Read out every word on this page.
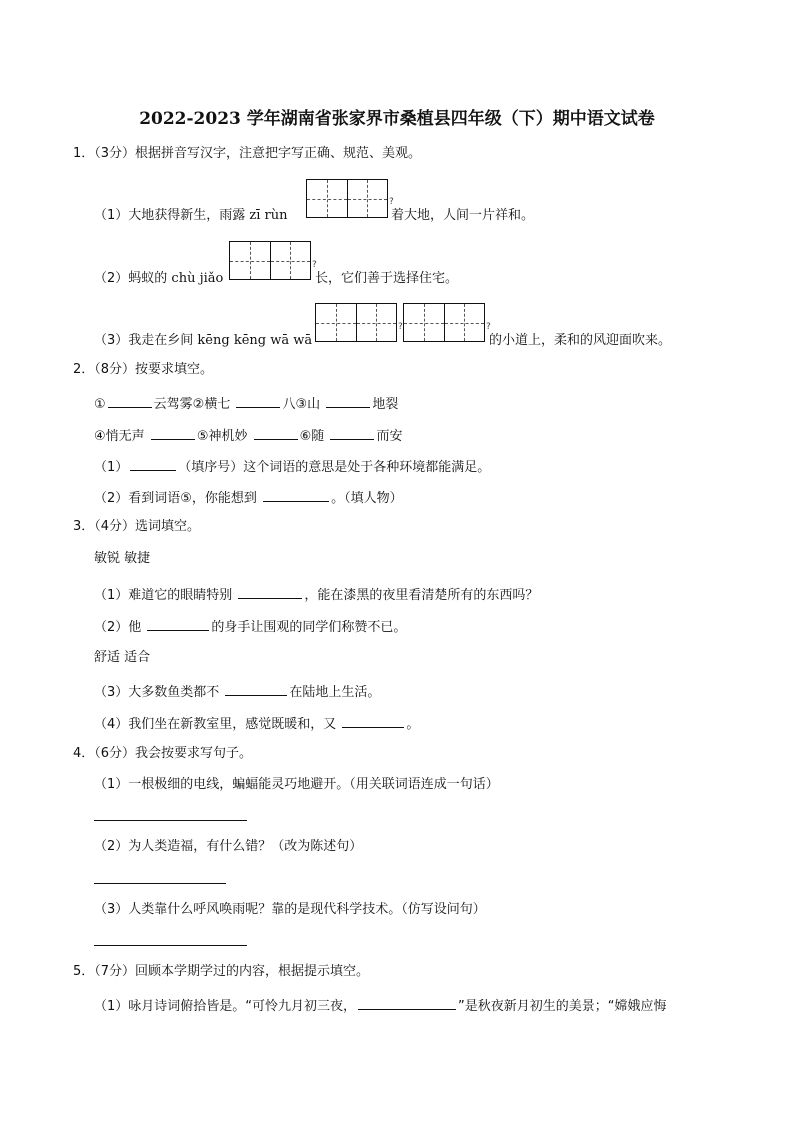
2022-2023 学年湖南省张家界市桑植县四年级（下）期中语文试卷
1．（3分）根据拼音写汉字，注意把字写正确、规范、美观。
（1）大地获得新生，雨露 zī rùn
?
着大地，人间一片祥和。
（2）蚂蚁的 chù jiǎo
?
长，它们善于选择住宅。
（3）我走在乡间 kēng kēng wā wā
?	?
的小道上，柔和的风迎面吹来。
2．（8分）按要求填空。
①	云驾雾②横七	八③山	地裂
④悄无声	⑤神机妙	⑥随	而安
（1）	（填序号）这个词语的意思是处于各种环境都能满足。
（2）看到词语⑤，你能想到	。（填人物）
3．（4分）选词填空。
敏锐 敏捷
（1）难道它的眼睛特别	，能在漆黑的夜里看清楚所有的东西吗？
（2）他	的身手让围观的同学们称赞不已。
舒适 适合
（3）大多数鱼类都不	在陆地上生活。
（4）我们坐在新教室里，感觉既暖和，又	。
4．（6分）我会按要求写句子。
（1）一根极细的电线，蝙蝠能灵巧地避开。（用关联词语连成一句话）
（2）为人类造福，有什么错？（改为陈述句）
（3）人类靠什么呼风唤雨呢？靠的是现代科学技术。（仿写设问句）
5．（7分）回顾本学期学过的内容，根据提示填空。
（1）咏月诗词俯拾皆是。“可怜九月初三夜，	”是秋夜新月初生的美景；“嫦娥应悔
